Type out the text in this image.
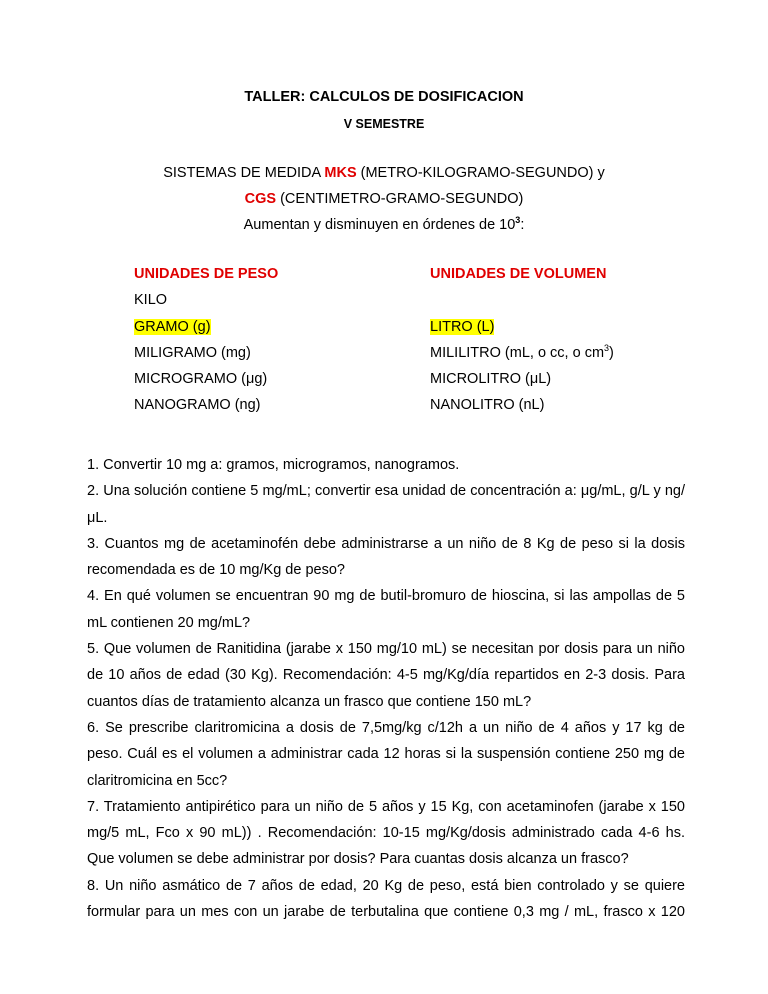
TALLER: CALCULOS DE DOSIFICACION
V SEMESTRE
SISTEMAS DE MEDIDA MKS (METRO-KILOGRAMO-SEGUNDO) y
CGS (CENTIMETRO-GRAMO-SEGUNDO)
Aumentan y disminuyen en órdenes de $10^3$:
UNIDADES DE PESO	UNIDADES DE VOLUMEN
KILO
GRAMO (g)	LITRO (L)
MILIGRAMO (mg)	MILILITRO (mL, o cc, o $cm^3$)
MICROGRAMO (μg)	MICROLITRO (μL)
NANOGRAMO (ng)	NANOLITRO (nL)

1. Convertir 10 mg a: gramos, microgramos, nanogramos.

2. Una solución contiene 5 mg/mL; convertir esa unidad de concentración a: μg/mL, g/L y ng/μL.

3. Cuantos mg de acetaminofén debe administrarse a un niño de 8 Kg de peso si la dosis recomendada es de 10 mg/Kg de peso?

4. En qué volumen se encuentran 90 mg de butil-bromuro de hioscina, si las ampollas de 5 mL contienen 20 mg/mL?

5. Que volumen de Ranitidina (jarabe x 150 mg/10 mL) se necesitan por dosis para un niño de 10 años de edad (30 Kg). Recomendación: 4-5 mg/Kg/día repartidos en 2-3 dosis. Para cuantos días de tratamiento alcanza un frasco que contiene 150 mL?

6. Se prescribe claritromicina a dosis de 7,5mg/kg c/12h a un niño de 4 años y 17 kg de peso. Cuál es el volumen a administrar cada 12 horas si la suspensión contiene 250 mg de claritromicina en 5cc?

7. Tratamiento antipirético para un niño de 5 años y 15 Kg, con acetaminofen (jarabe x 150 mg/5 mL, Fco x 90 mL)) . Recomendación: 10-15 mg/Kg/dosis administrado cada 4-6 hs. Que volumen se debe administrar por dosis? Para cuantas dosis alcanza un frasco?

8. Un niño asmático de 7 años de edad, 20 Kg de peso, está bien controlado y se quiere formular para un mes con un jarabe de terbutalina que contiene 0,3 mg / mL, frasco x 120
